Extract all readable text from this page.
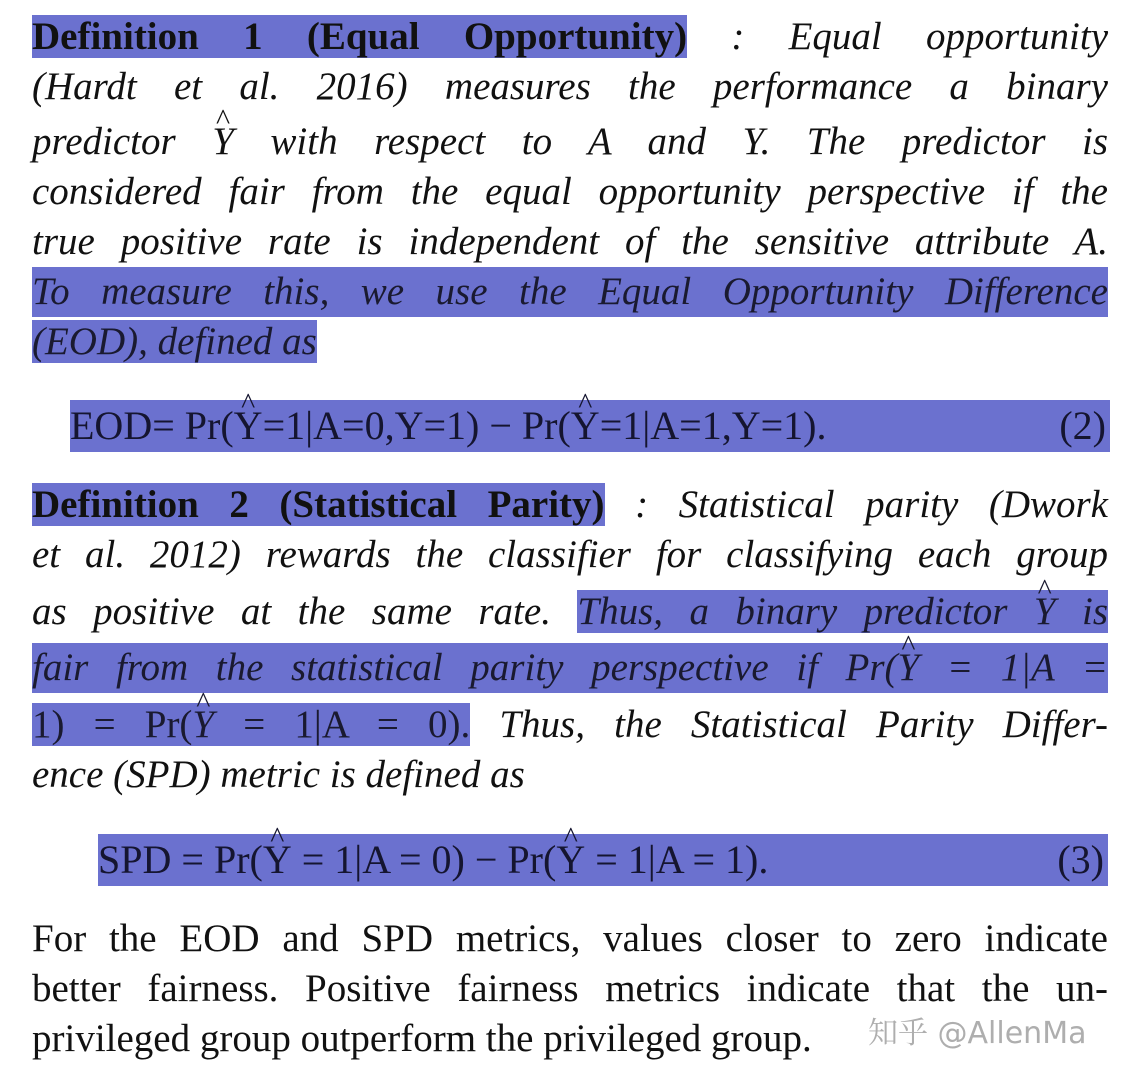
Definition 1 (Equal Opportunity) : Equal opportunity
(Hardt et al. 2016) measures the performance a binary
predictor ^ Y with respect to A and Y. The predictor is
considered fair from the equal opportunity perspective if the
true positive rate is independent of the sensitive attribute A.
To measure this, we use the Equal Opportunity Difference
(EOD), defined as
EOD= Pr(^ Y=1|A=0,Y=1) − Pr(^ Y=1|A=1,Y=1).	(2)
Definition 2 (Statistical Parity) : Statistical parity (Dwork
et al. 2012) rewards the classifier for classifying each group
as positive at the same rate. Thus, a binary predictor ^ Y is
fair from the statistical parity perspective if Pr(^ Y = 1|A =
1) = Pr(^ Y = 1|A = 0). Thus, the Statistical Parity Differ-
ence (SPD) metric is defined as
SPD = Pr(^ Y = 1|A = 0) − Pr(^ Y = 1|A = 1).	(3)
For the EOD and SPD metrics, values closer to zero indicate
better fairness. Positive fairness metrics indicate that the un-
privileged group outperform the privileged group.	知乎 @AllenMa
